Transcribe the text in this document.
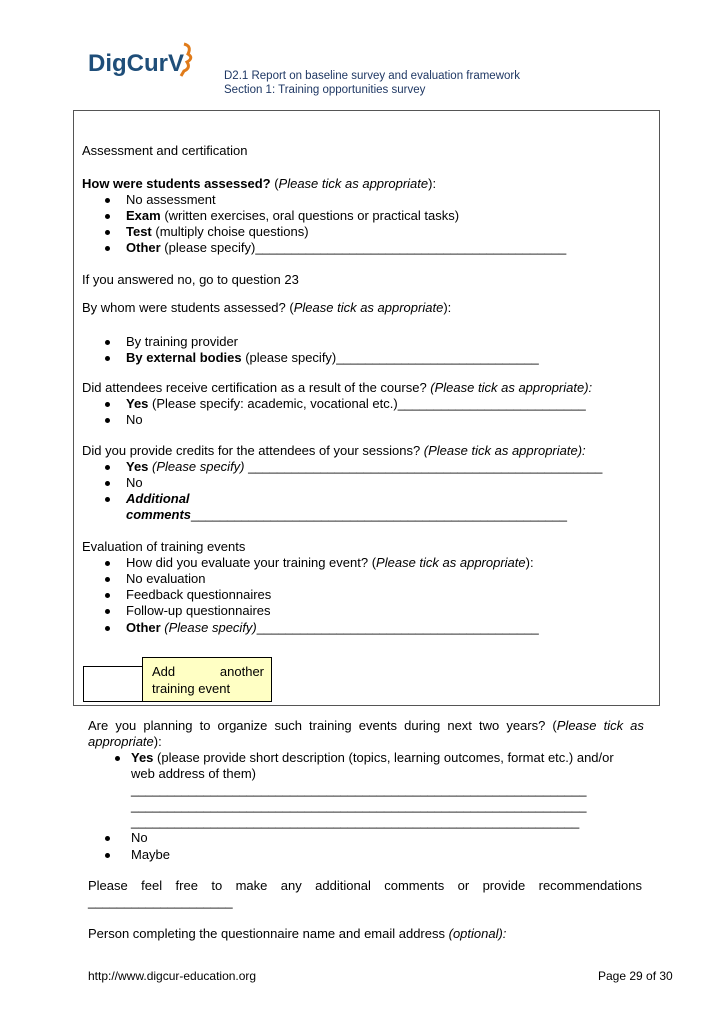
DigCurV	D2.1 Report on baseline survey and evaluation framework
Section 1: Training opportunities survey
Assessment and certification
How were students assessed? (Please tick as appropriate):
No assessment
Exam (written exercises, oral questions or practical tasks)
Test (multiply choise questions)
Other (please specify)___________________________________________
If you answered no, go to question 23
By whom were students assessed? (Please tick as appropriate):
By training provider
By external bodies (please specify)____________________________
Did attendees receive certification as a result of the course? (Please tick as appropriate):
Yes (Please specify: academic, vocational etc.)__________________________
No
Did you provide credits for the attendees of your sessions? (Please tick as appropriate):
Yes (Please specify) _________________________________________________
No
Additional
comments____________________________________________________
Evaluation of training events
How did you evaluate your training event? (Please tick as appropriate):
No evaluation
Feedback questionnaires
Follow-up questionnaires
Other (Please specify)_______________________________________
Add	another
training event
Are you planning to organize such training events during next two years? (Please tick as
appropriate):
Yes (please provide short description (topics, learning outcomes, format etc.) and/or
web address of them)
_______________________________________________________________
_______________________________________________________________
______________________________________________________________
No
Maybe
Please feel free to make any additional comments or provide recommendations
____________________
Person completing the questionnaire name and email address (optional):
http://www.digcur-education.org	Page 29 of 30
